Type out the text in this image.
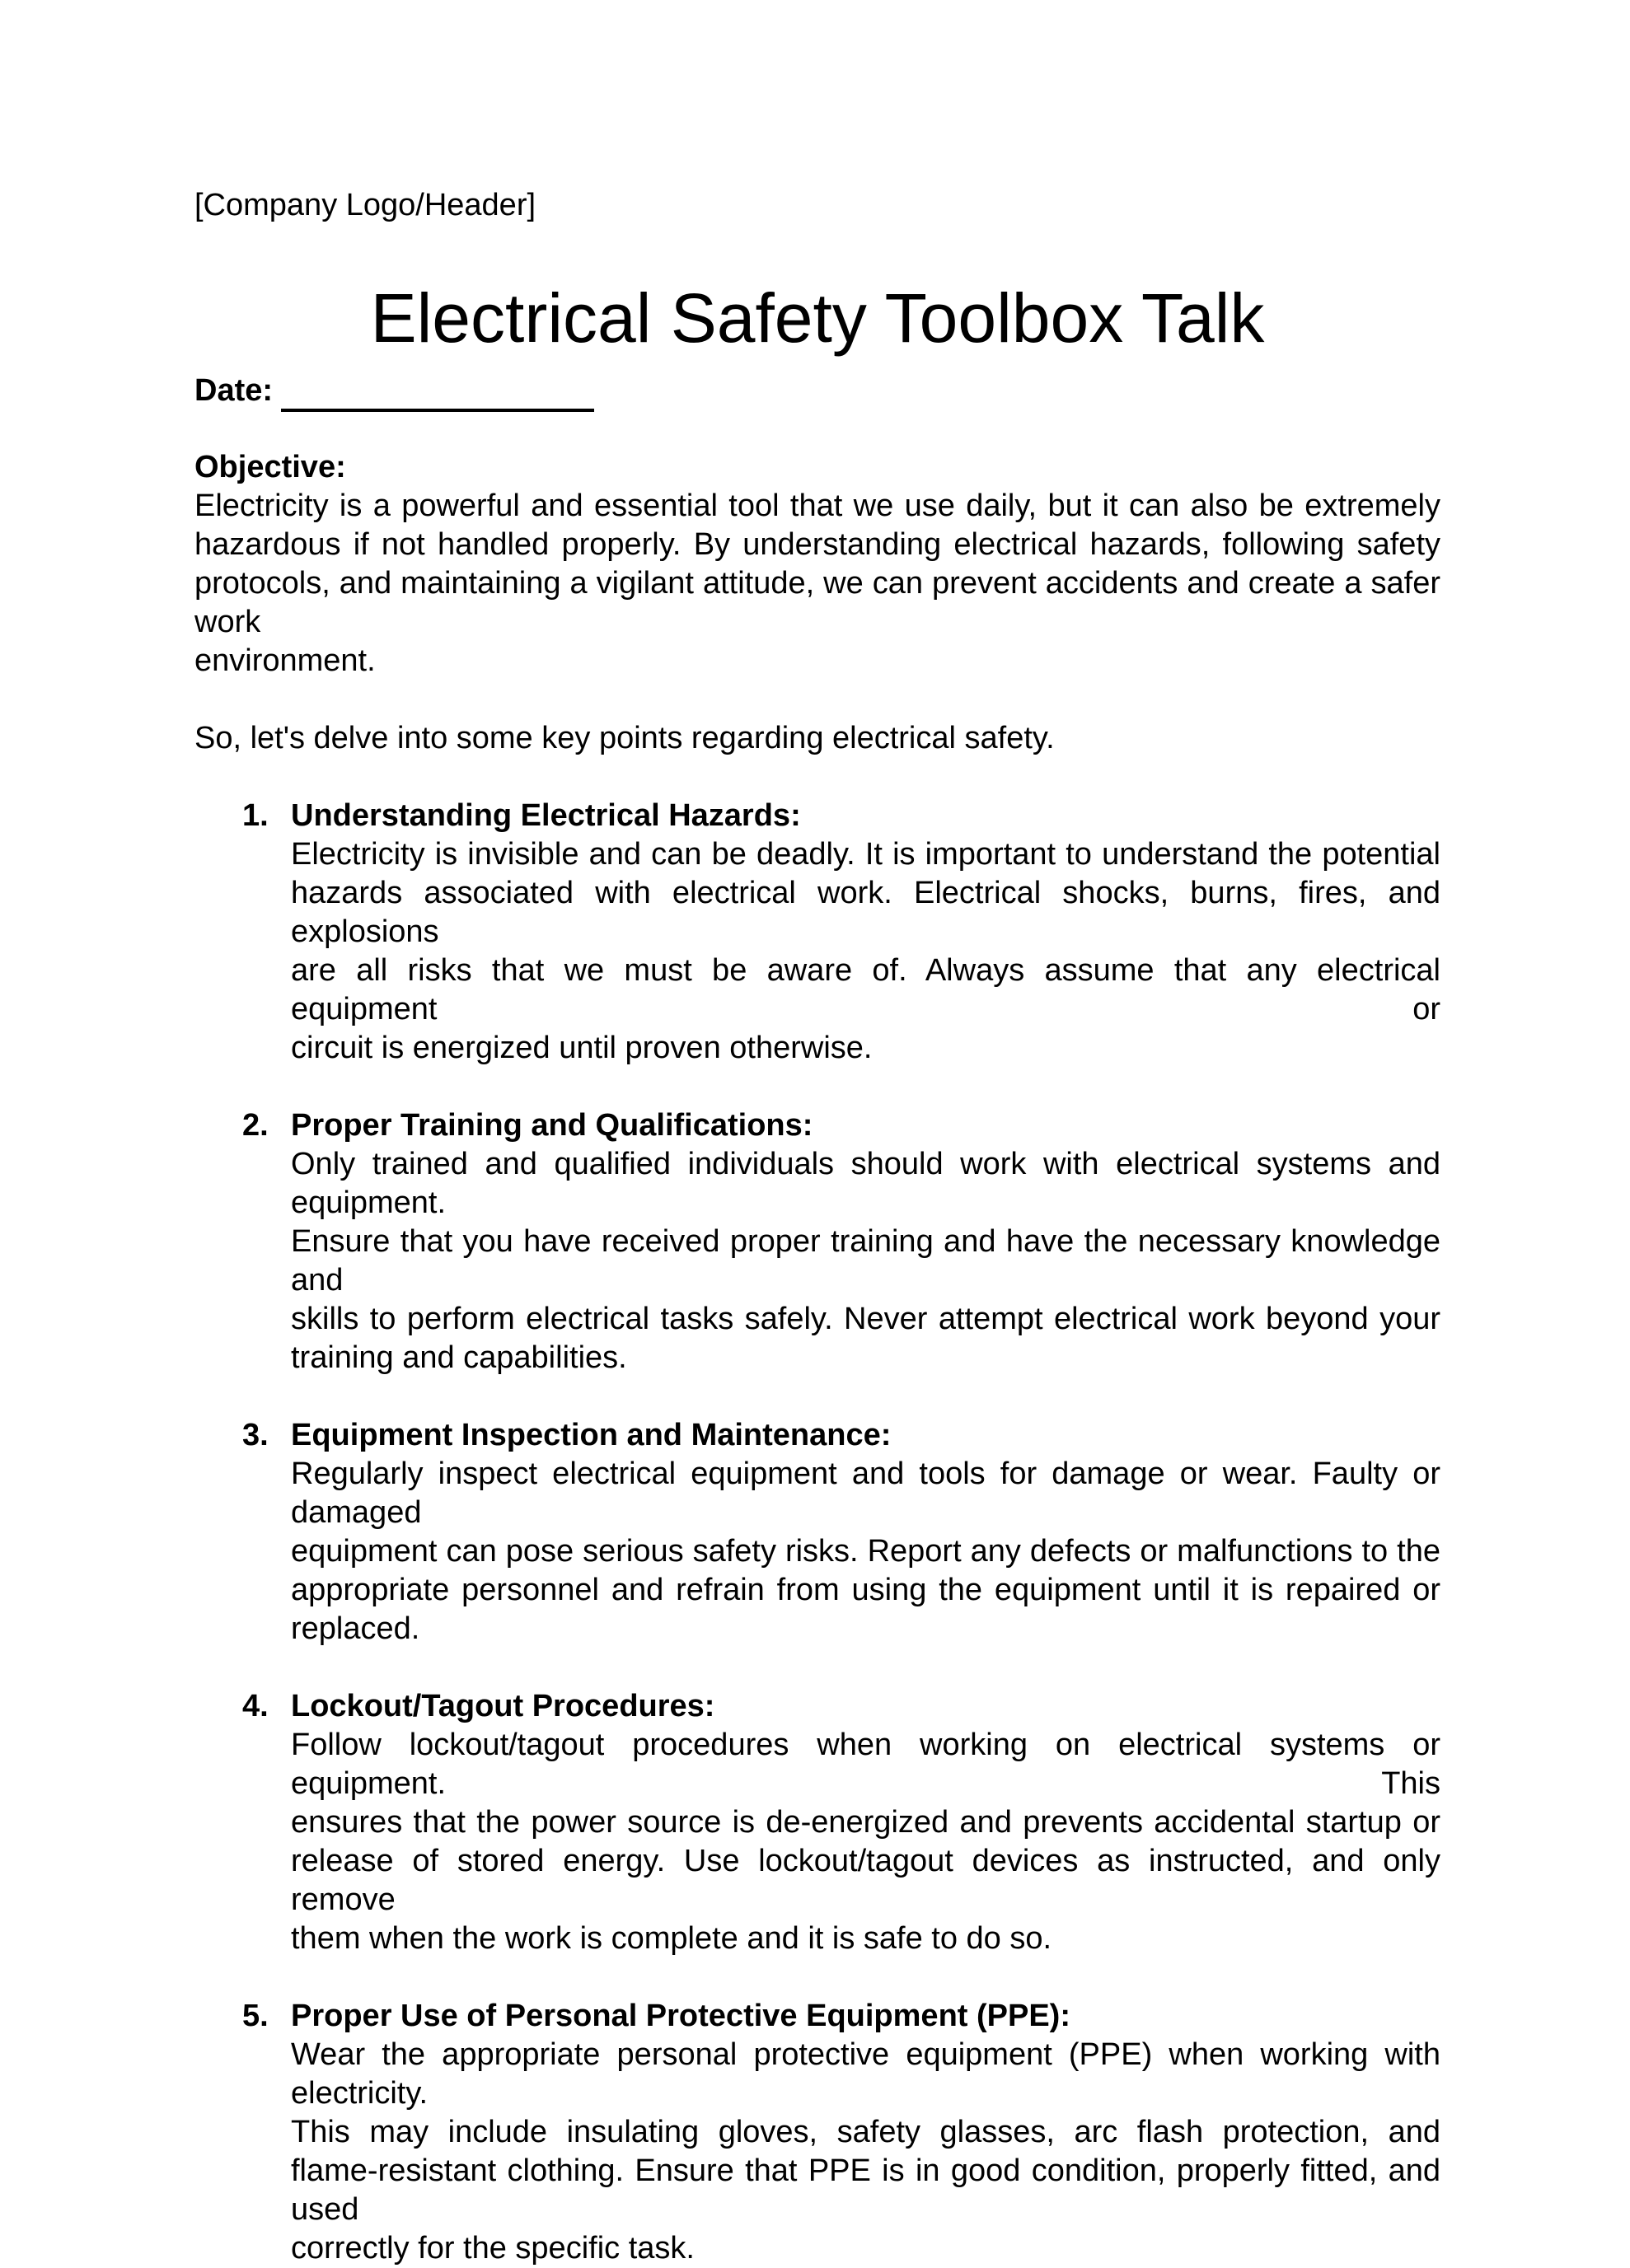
[Company Logo/Header]
Electrical Safety Toolbox Talk
Date:
Objective:
Electricity is a powerful and essential tool that we use daily, but it can also be extremely
hazardous if not handled properly. By understanding electrical hazards, following safety
protocols, and maintaining a vigilant attitude, we can prevent accidents and create a safer work
environment.
So, let's delve into some key points regarding electrical safety.
1. Understanding Electrical Hazards:
Electricity is invisible and can be deadly. It is important to understand the potential
hazards associated with electrical work. Electrical shocks, burns, fires, and explosions
are all risks that we must be aware of. Always assume that any electrical equipment or
circuit is energized until proven otherwise.
2. Proper Training and Qualifications:
Only trained and qualified individuals should work with electrical systems and equipment.
Ensure that you have received proper training and have the necessary knowledge and
skills to perform electrical tasks safely. Never attempt electrical work beyond your
training and capabilities.
3. Equipment Inspection and Maintenance:
Regularly inspect electrical equipment and tools for damage or wear. Faulty or damaged
equipment can pose serious safety risks. Report any defects or malfunctions to the
appropriate personnel and refrain from using the equipment until it is repaired or
replaced.
4. Lockout/Tagout Procedures:
Follow lockout/tagout procedures when working on electrical systems or equipment. This
ensures that the power source is de-energized and prevents accidental startup or
release of stored energy. Use lockout/tagout devices as instructed, and only remove
them when the work is complete and it is safe to do so.
5. Proper Use of Personal Protective Equipment (PPE):
Wear the appropriate personal protective equipment (PPE) when working with electricity.
This may include insulating gloves, safety glasses, arc flash protection, and
flame-resistant clothing. Ensure that PPE is in good condition, properly fitted, and used
correctly for the specific task.
